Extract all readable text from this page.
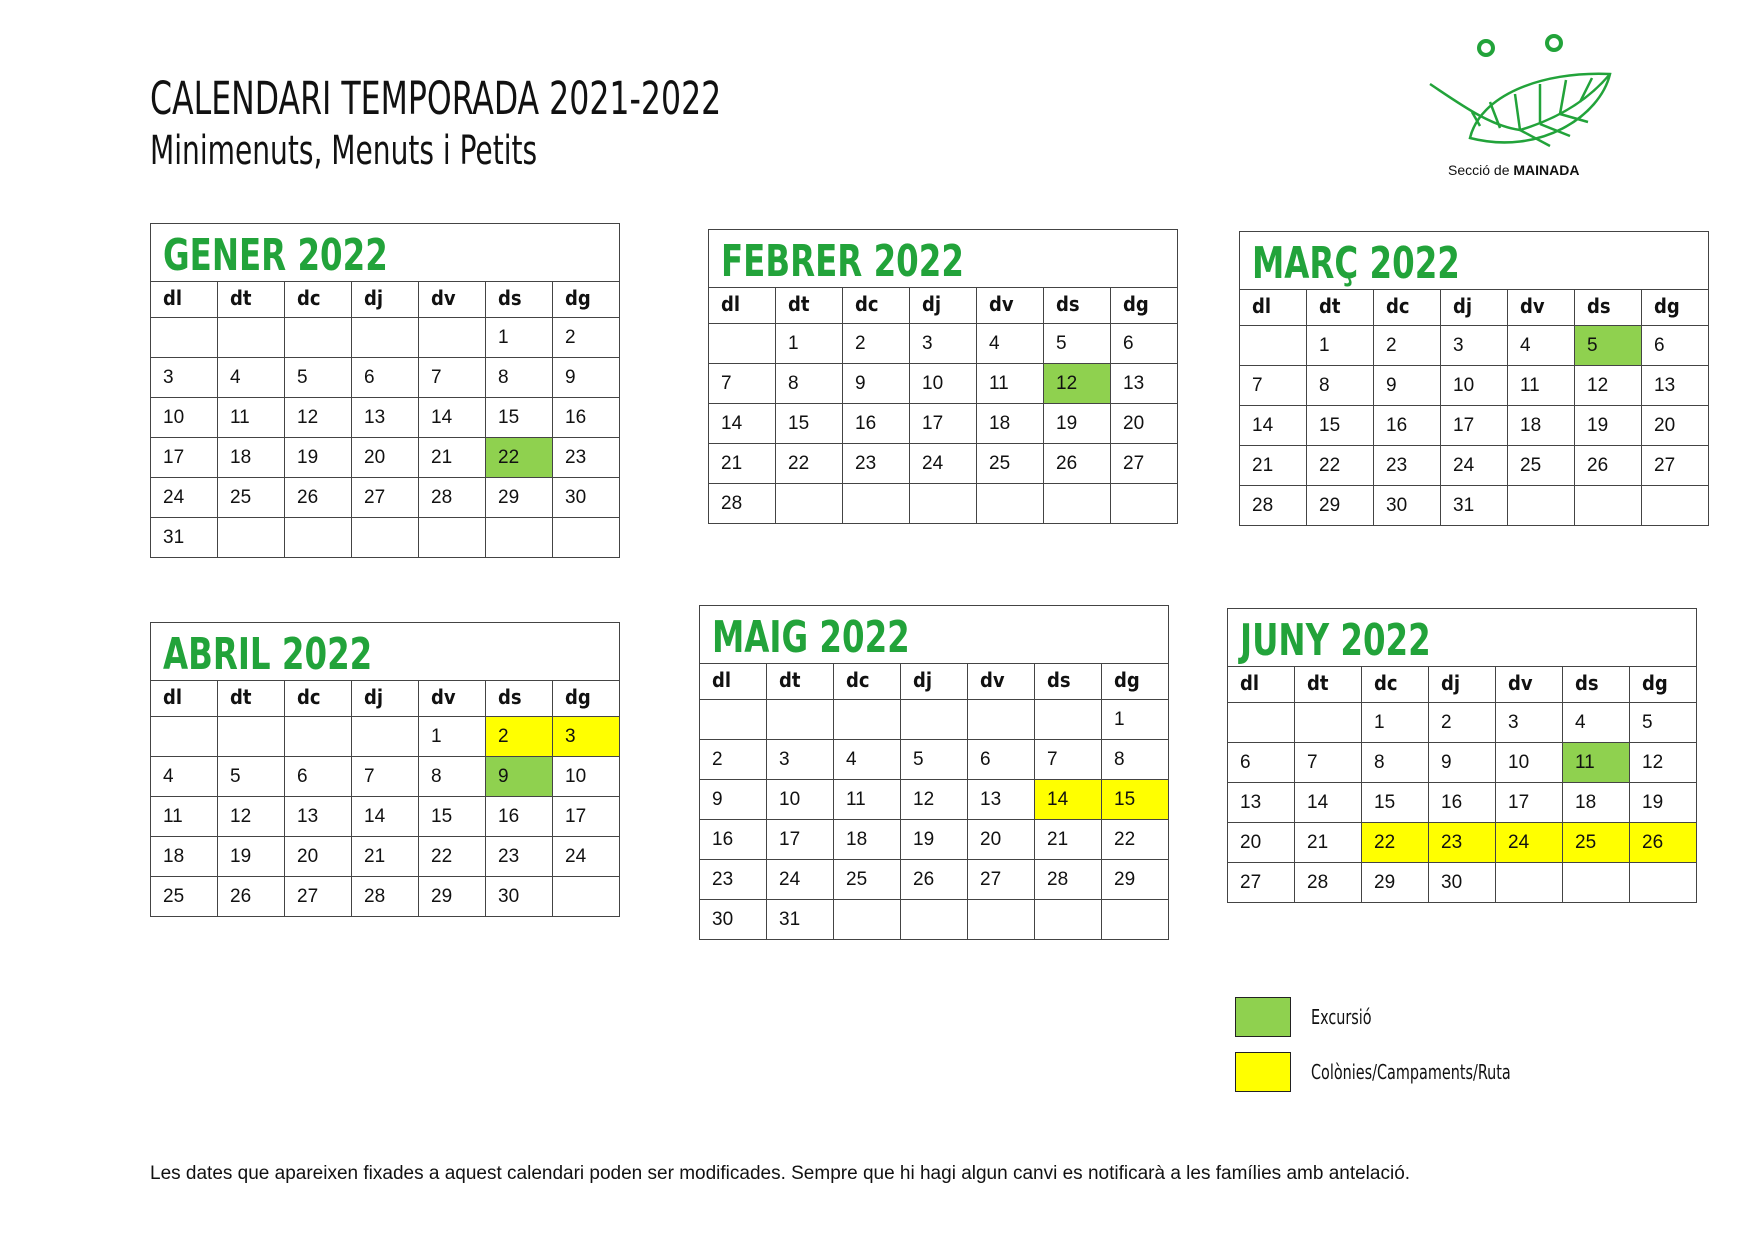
CALENDARI TEMPORADA 2021-2022
Minimenuts, Menuts i Petits	Secció de MAINADA
GENER 2022
dl	dt	dc	dj	dv	ds	dg
					1	2
3	4	5	6	7	8	9
10	11	12	13	14	15	16
17	18	19	20	21	22	23
24	25	26	27	28	29	30
31						
FEBRER 2022
dl	dt	dc	dj	dv	ds	dg
	1	2	3	4	5	6
7	8	9	10	11	12	13
14	15	16	17	18	19	20
21	22	23	24	25	26	27
28						
MARÇ 2022
dl	dt	dc	dj	dv	ds	dg
	1	2	3	4	5	6
7	8	9	10	11	12	13
14	15	16	17	18	19	20
21	22	23	24	25	26	27
28	29	30	31			
ABRIL 2022
dl	dt	dc	dj	dv	ds	dg
				1	2	3
4	5	6	7	8	9	10
11	12	13	14	15	16	17
18	19	20	21	22	23	24
25	26	27	28	29	30	
MAIG 2022
dl	dt	dc	dj	dv	ds	dg
						1
2	3	4	5	6	7	8
9	10	11	12	13	14	15
16	17	18	19	20	21	22
23	24	25	26	27	28	29
30	31					
JUNY 2022
dl	dt	dc	dj	dv	ds	dg
		1	2	3	4	5
6	7	8	9	10	11	12
13	14	15	16	17	18	19
20	21	22	23	24	25	26
27	28	29	30			
Excursió
Colònies/Campaments/Ruta
Les dates que apareixen fixades a aquest calendari poden ser modificades. Sempre que hi hagi algun canvi es notificarà a les famílies amb antelació.
